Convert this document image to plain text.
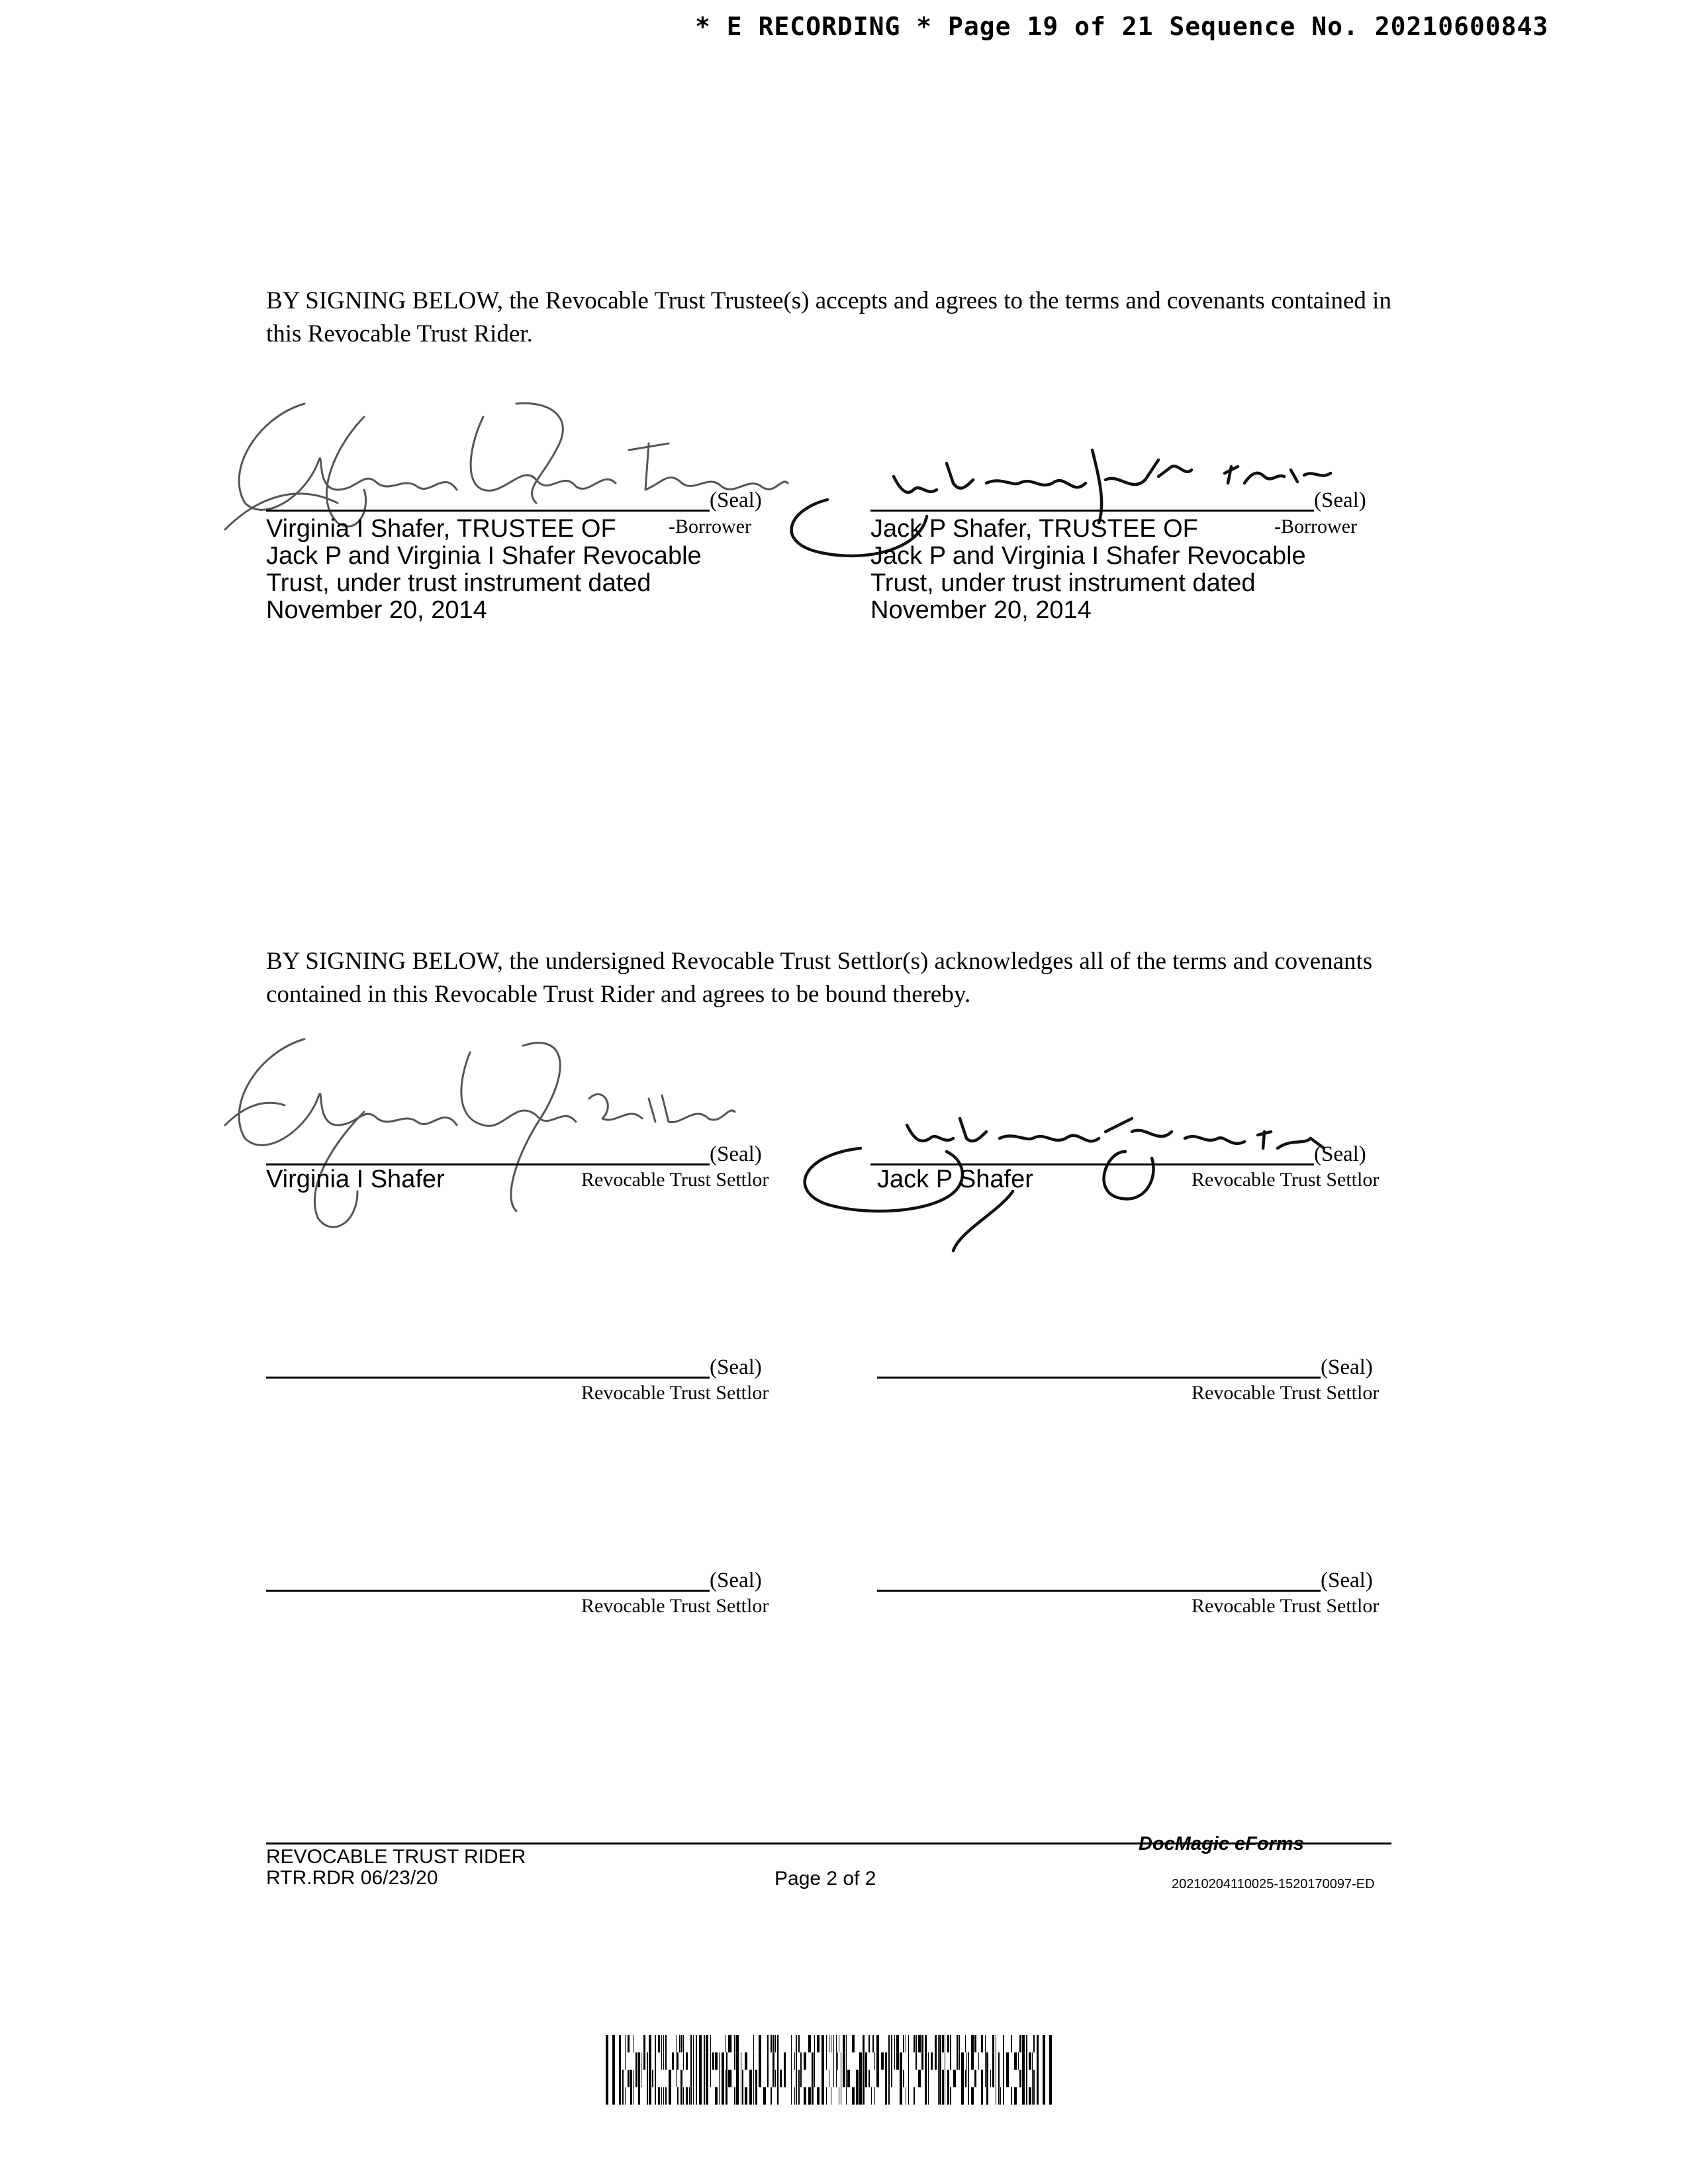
* E RECORDING * Page 19 of 21 Sequence No. 20210600843
BY SIGNING BELOW, the Revocable Trust Trustee(s) accepts and agrees to the terms and covenants contained in this Revocable Trust Rider.
(Seal)
-Borrower
Virginia I Shafer, TRUSTEE OF
Jack P and Virginia I Shafer Revocable
Trust, under trust instrument dated
November 20, 2014
(Seal)
-Borrower
Jack P Shafer, TRUSTEE OF
Jack P and Virginia I Shafer Revocable
Trust, under trust instrument dated
November 20, 2014
BY SIGNING BELOW, the undersigned Revocable Trust Settlor(s) acknowledges all of the terms and covenants contained in this Revocable Trust Rider and agrees to be bound thereby.
(Seal)
Virginia I Shafer	Revocable Trust Settlor
(Seal)
Jack P Shafer	Revocable Trust Settlor
(Seal)
Revocable Trust Settlor
(Seal)
Revocable Trust Settlor
(Seal)
Revocable Trust Settlor
(Seal)
Revocable Trust Settlor
REVOCABLE TRUST RIDER
RTR.RDR 06/23/20	Page 2 of 2
DocMagic eForms
20210204110025-1520170097-ED
